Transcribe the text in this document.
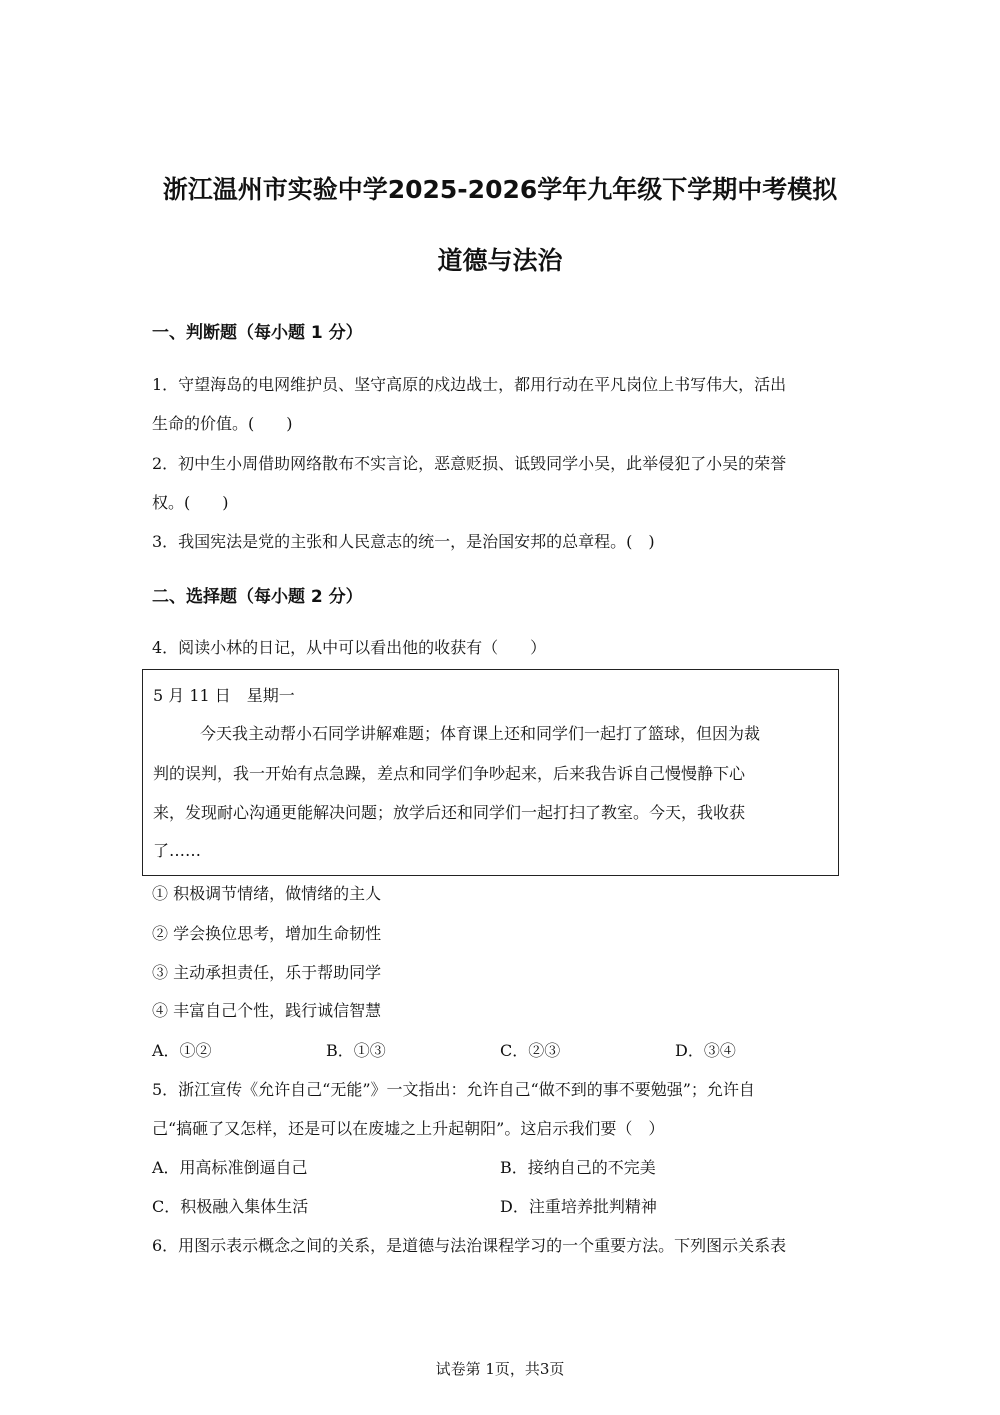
浙江温州市实验中学2025-2026学年九年级下学期中考模拟
道德与法治
一、判断题（每小题 1 分）
1．守望海岛的电网维护员、坚守高原的戍边战士，都用行动在平凡岗位上书写伟大，活出
生命的价值。(　　)
2．初中生小周借助网络散布不实言论，恶意贬损、诋毁同学小吴，此举侵犯了小吴的荣誉
权。(　　)
3．我国宪法是党的主张和人民意志的统一，是治国安邦的总章程。(　)
二、选择题（每小题 2 分）
4．阅读小林的日记，从中可以看出他的收获有（　　）
5 月 11 日　星期一
今天我主动帮小石同学讲解难题；体育课上还和同学们一起打了篮球，但因为裁
判的误判，我一开始有点急躁，差点和同学们争吵起来，后来我告诉自己慢慢静下心
来，发现耐心沟通更能解决问题；放学后还和同学们一起打扫了教室。今天，我收获
了……
① 积极调节情绪，做情绪的主人
② 学会换位思考，增加生命韧性
③ 主动承担责任，乐于帮助同学
④ 丰富自己个性，践行诚信智慧
A．①②	B．①③	C．②③	D．③④
5．浙江宣传《允许自己“无能”》一文指出：允许自己“做不到的事不要勉强”；允许自
己“搞砸了又怎样，还是可以在废墟之上升起朝阳”。这启示我们要（　）
A．用高标准倒逼自己	B．接纳自己的不完美
C．积极融入集体生活	D．注重培养批判精神
6．用图示表示概念之间的关系，是道德与法治课程学习的一个重要方法。下列图示关系表
试卷第 1页，共3页
